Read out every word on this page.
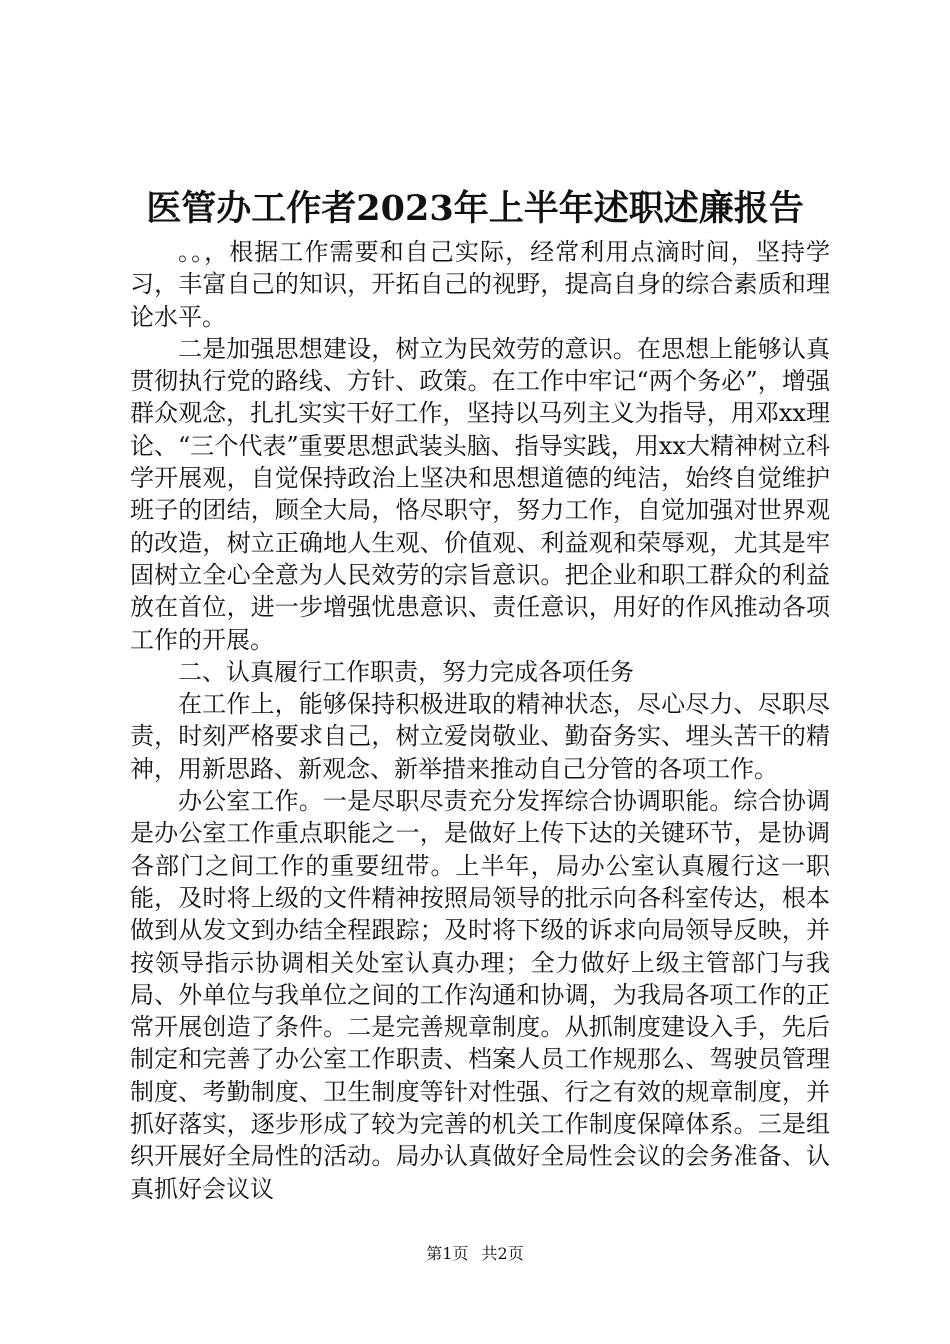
医管办工作者2023年上半年述职述廉报告

。。，根据工作需要和自己实际，经常利用点滴时间，坚持学习，丰富自己的知识，开拓自己的视野，提高自身的综合素质和理论水平。

二是加强思想建设，树立为民效劳的意识。在思想上能够认真贯彻执行党的路线、方针、政策。在工作中牢记“两个务必”，增强群众观念，扎扎实实干好工作，坚持以马列主义为指导，用邓xx理论、“三个代表”重要思想武装头脑、指导实践，用xx大精神树立科学开展观，自觉保持政治上坚决和思想道德的纯洁，始终自觉维护班子的团结，顾全大局，恪尽职守，努力工作，自觉加强对世界观的改造，树立正确地人生观、价值观、利益观和荣辱观，尤其是牢固树立全心全意为人民效劳的宗旨意识。把企业和职工群众的利益放在首位，进一步增强忧患意识、责任意识，用好的作风推动各项工作的开展。

二、认真履行工作职责，努力完成各项任务

在工作上，能够保持积极进取的精神状态，尽心尽力、尽职尽责，时刻严格要求自己，树立爱岗敬业、勤奋务实、埋头苦干的精神，用新思路、新观念、新举措来推动自己分管的各项工作。

办公室工作。一是尽职尽责充分发挥综合协调职能。综合协调是办公室工作重点职能之一，是做好上传下达的关键环节，是协调各部门之间工作的重要纽带。上半年，局办公室认真履行这一职能，及时将上级的文件精神按照局领导的批示向各科室传达，根本做到从发文到办结全程跟踪；及时将下级的诉求向局领导反映，并按领导指示协调相关处室认真办理；全力做好上级主管部门与我局、外单位与我单位之间的工作沟通和协调，为我局各项工作的正常开展创造了条件。二是完善规章制度。从抓制度建设入手，先后制定和完善了办公室工作职责、档案人员工作规那么、驾驶员管理制度、考勤制度、卫生制度等针对性强、行之有效的规章制度，并抓好落实，逐步形成了较为完善的机关工作制度保障体系。三是组织开展好全局性的活动。局办认真做好全局性会议的会务准备、认真抓好会议议

第1页 共2页
